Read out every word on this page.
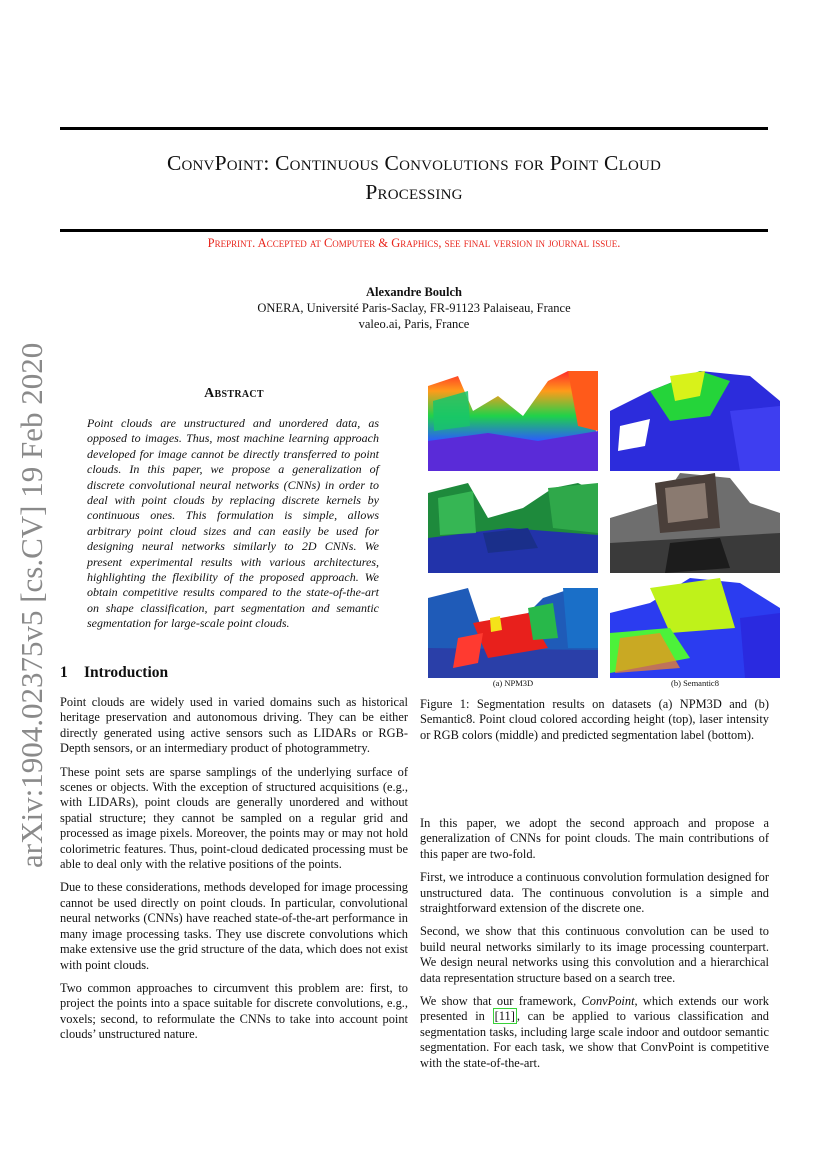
ConvPoint: Continuous Convolutions for Point Cloud
Processing
Preprint. Accepted at Computer & Graphics, see final version in journal issue.
Alexandre Boulch
ONERA, Université Paris-Saclay, FR-91123 Palaiseau, France
valeo.ai, Paris, France
arXiv:1904.02375v5 [cs.CV] 19 Feb 2020	Abstract
Point clouds are unstructured and unordered data, as opposed to images. Thus, most machine learning approach developed for image cannot be directly transferred to point clouds. In this paper, we propose a generalization of discrete convolutional neural networks (CNNs) in order to deal with point clouds by replacing discrete kernels by continuous ones. This formulation is simple, allows arbitrary point cloud sizes and can easily be used for designing neural networks similarly to 2D CNNs. We present experimental results with various architectures, highlighting the flexibility of the proposed approach. We obtain competitive results compared to the state-of-the-art on shape classification, part segmentation and semantic segmentation for large-scale point clouds.
1 Introduction

Point clouds are widely used in varied domains such as historical heritage preservation and autonomous driving. They can be either directly generated using active sensors such as LIDARs or RGB-Depth sensors, or an intermediary product of photogrammetry.

These point sets are sparse samplings of the underlying surface of scenes or objects. With the exception of structured acquisitions (e.g., with LIDARs), point clouds are generally unordered and without spatial structure; they cannot be sampled on a regular grid and processed as image pixels. Moreover, the points may or may not hold colorimetric features. Thus, point-cloud dedicated processing must be able to deal only with the relative positions of the points.

Due to these considerations, methods developed for image processing cannot be used directly on point clouds. In particular, convolutional neural networks (CNNs) have reached state-of-the-art performance in many image processing tasks. They use discrete convolutions which make extensive use the grid structure of the data, which does not exist with point clouds.

Two common approaches to circumvent this problem are: first, to project the points into a space suitable for discrete convolutions, e.g., voxels; second, to reformulate the CNNs to take into account point clouds’ unstructured nature.

(a) NPM3D	(b) Semantic8
Figure 1: Segmentation results on datasets (a) NPM3D and (b) Semantic8. Point cloud colored according height (top), laser intensity or RGB colors (middle) and predicted segmentation label (bottom).

In this paper, we adopt the second approach and propose a generalization of CNNs for point clouds. The main contributions of this paper are two-fold.

First, we introduce a continuous convolution formulation designed for unstructured data. The continuous convolution is a simple and straightforward extension of the discrete one.

Second, we show that this continuous convolution can be used to build neural networks similarly to its image processing counterpart. We design neural networks using this convolution and a hierarchical data representation structure based on a search tree.

We show that our framework, ConvPoint, which extends our work presented in [11] , can be applied to various classification and segmentation tasks, including large scale indoor and outdoor semantic segmentation. For each task, we show that ConvPoint is competitive with the state-of-the-art.
